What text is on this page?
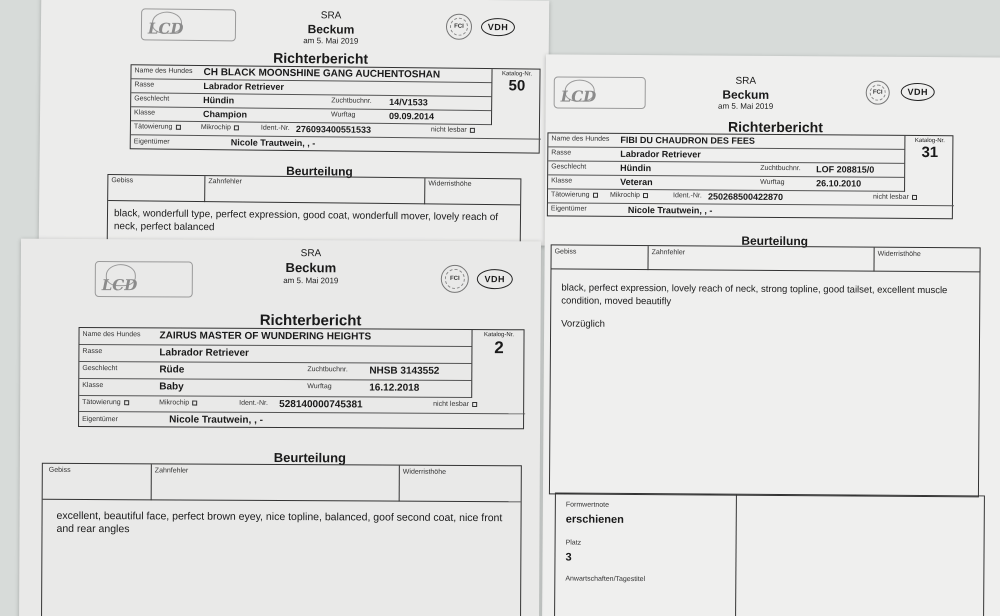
LCD
SRA
Beckum
am 5. Mai 2019
FCI	VDH
Richterbericht
Name des Hundes CH BLACK MOONSHINE GANG AUCHENTOSHAN
Rasse	Labrador Retriever
Geschlecht	Hündin	Zuchtbuchnr. 14/V1533
Klasse	Champion	Wurftag	09.09.2014
Tätowierung	Mikrochip	Ident.-Nr. 276093400551533	nicht lesbar
Eigentümer	Nicole Trautwein, , -
Katalog-Nr.
50
Beurteilung
Gebiss	Zahnfehler	Widerristhöhe
black, wonderfull type, perfect expression, good coat, wonderfull mover, lovely reach of neck, perfect balanced
LCD
SRA
Beckum
am 5. Mai 2019
FCI	VDH
Richterbericht
Name des Hundes FIBI DU CHAUDRON DES FEES
Rasse	Labrador Retriever
Geschlecht	Hündin	Zuchtbuchnr. LOF 208815/0
Klasse	Veteran	Wurftag	26.10.2010
Tätowierung	Mikrochip	Ident.-Nr. 250268500422870	nicht lesbar
Eigentümer	Nicole Trautwein, , -
Katalog-Nr.
31
Beurteilung
Gebiss	Zahnfehler	Widerristhöhe
black, perfect expression, lovely reach of neck, strong topline, good tailset, excellent muscle condition, moved beautifly
Vorzüglich
Formwertnote
erschienen
Platz
3
Anwartschaften/Tagestitel
LCD
SRA
Beckum
am 5. Mai 2019	FCI	VDH
Richterbericht
Name des Hundes ZAIRUS MASTER OF WUNDERING HEIGHTS
Rasse	Labrador Retriever
Geschlecht	Rüde	Zuchtbuchnr. NHSB 3143552
Klasse	Baby	Wurftag	16.12.2018
Tätowierung	Mikrochip	Ident.-Nr. 528140000745381	nicht lesbar
Eigentümer	Nicole Trautwein, , -
Katalog-Nr.
2
Beurteilung
Gebiss	Zahnfehler	Widerristhöhe
excellent, beautiful face, perfect brown eyey, nice topline, balanced, goof second coat, nice front and rear angles
